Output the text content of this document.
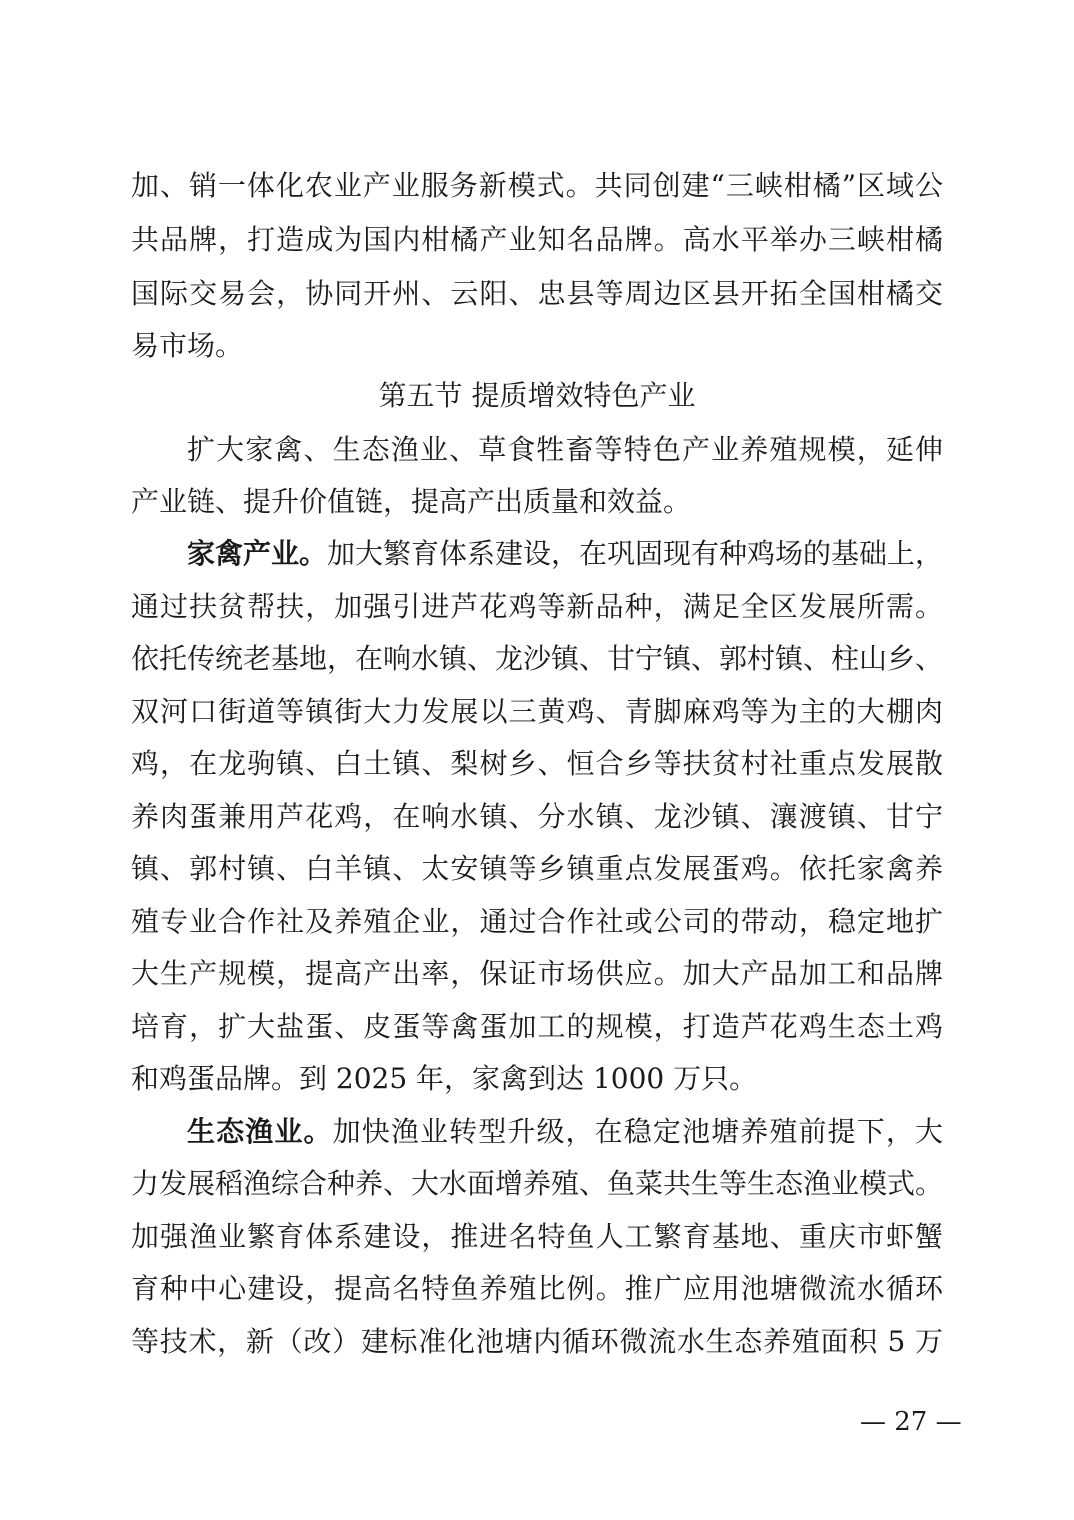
加、销一体化农业产业服务新模式。共同创建“三峡柑橘”区域公
共品牌，打造成为国内柑橘产业知名品牌。高水平举办三峡柑橘
国际交易会，协同开州、云阳、忠县等周边区县开拓全国柑橘交
易市场。
第五节 提质增效特色产业
扩大家禽、生态渔业、草食牲畜等特色产业养殖规模，延伸
产业链、提升价值链，提高产出质量和效益。
家禽产业。加大繁育体系建设，在巩固现有种鸡场的基础上，
通过扶贫帮扶，加强引进芦花鸡等新品种，满足全区发展所需。
依托传统老基地，在响水镇、龙沙镇、甘宁镇、郭村镇、柱山乡、
双河口街道等镇街大力发展以三黄鸡、青脚麻鸡等为主的大棚肉
鸡，在龙驹镇、白土镇、梨树乡、恒合乡等扶贫村社重点发展散
养肉蛋兼用芦花鸡，在响水镇、分水镇、龙沙镇、瀼渡镇、甘宁
镇、郭村镇、白羊镇、太安镇等乡镇重点发展蛋鸡。依托家禽养
殖专业合作社及养殖企业，通过合作社或公司的带动，稳定地扩
大生产规模，提高产出率，保证市场供应。加大产品加工和品牌
培育，扩大盐蛋、皮蛋等禽蛋加工的规模，打造芦花鸡生态土鸡
和鸡蛋品牌。到 2025 年，家禽到达 1000 万只。
生态渔业。加快渔业转型升级，在稳定池塘养殖前提下，大
力发展稻渔综合种养、大水面增养殖、鱼菜共生等生态渔业模式。
加强渔业繁育体系建设，推进名特鱼人工繁育基地、重庆市虾蟹
育种中心建设，提高名特鱼养殖比例。推广应用池塘微流水循环
等技术，新（改）建标准化池塘内循环微流水生态养殖面积 5 万
— 27 —
